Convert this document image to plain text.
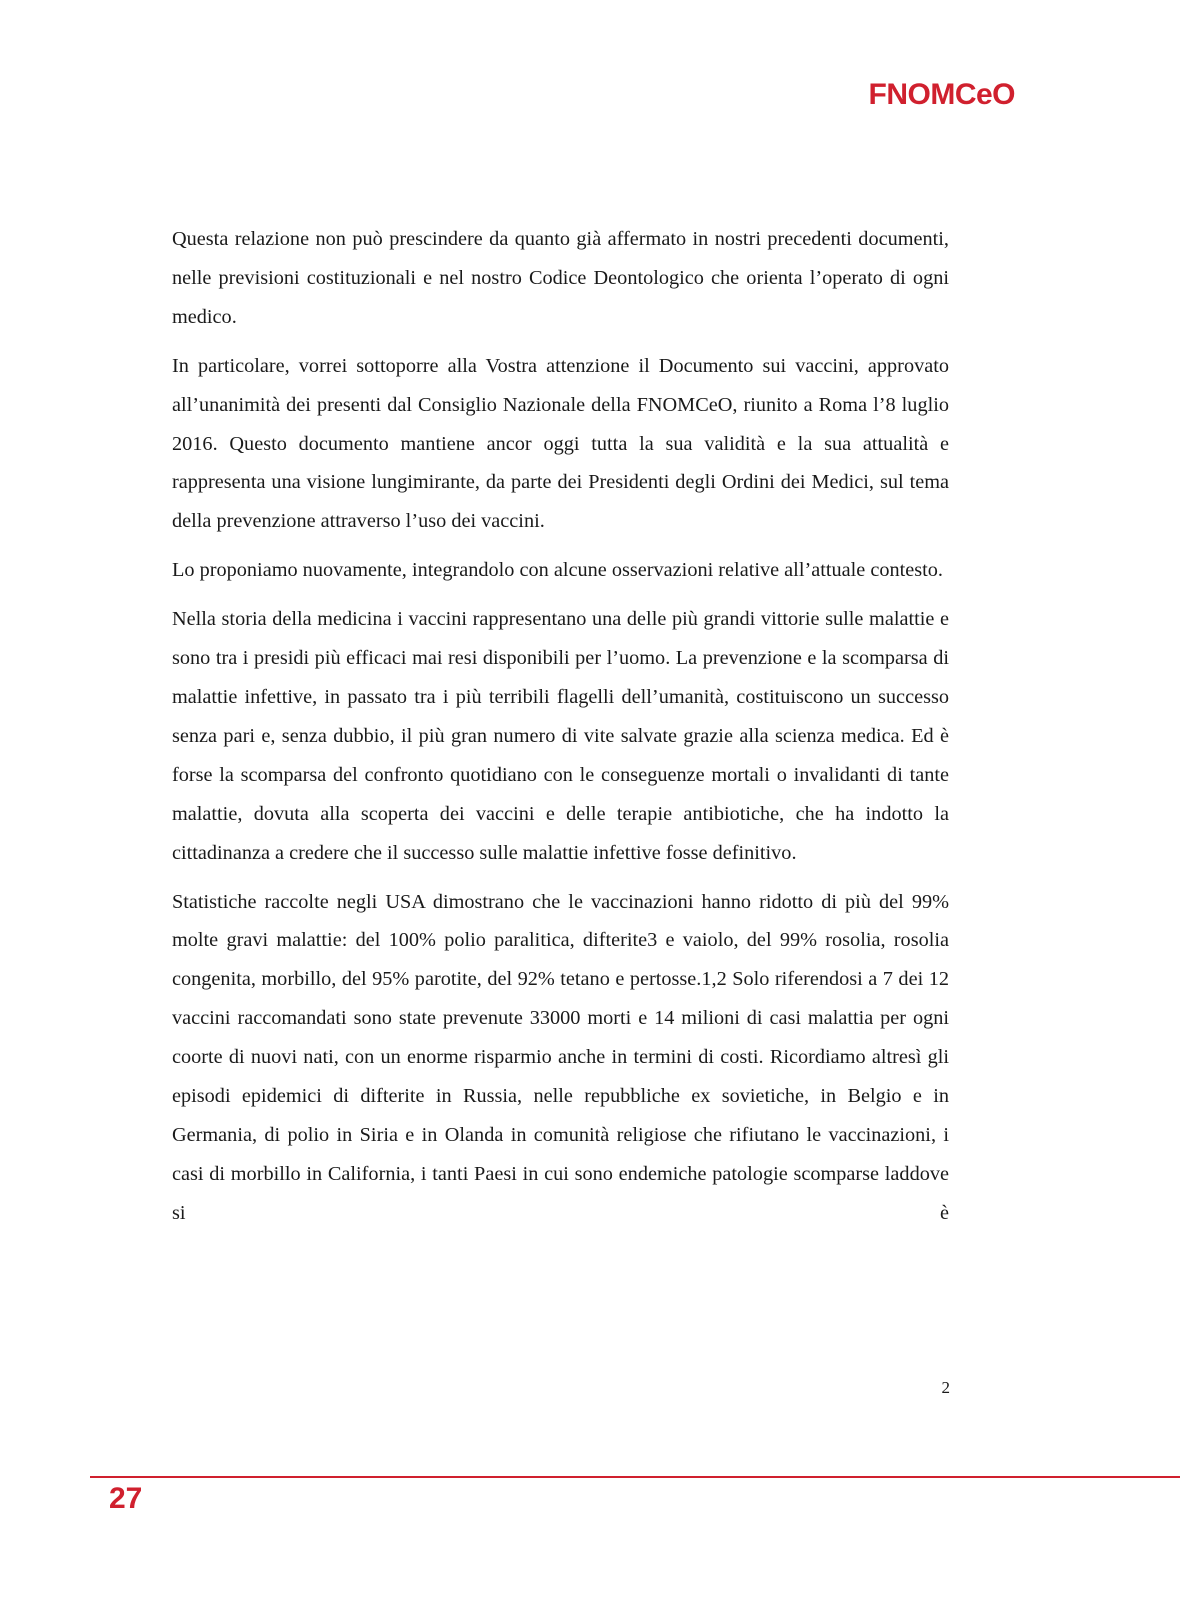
FNOMCeO

Questa relazione non può prescindere da quanto già affermato in nostri precedenti documenti, nelle previsioni costituzionali e nel nostro Codice Deontologico che orienta l’operato di ogni medico.

In particolare, vorrei sottoporre alla Vostra attenzione il Documento sui vaccini, approvato all’unanimità dei presenti dal Consiglio Nazionale della FNOMCeO, riunito a Roma l’8 luglio 2016. Questo documento mantiene ancor oggi tutta la sua validità e la sua attualità e rappresenta una visione lungimirante, da parte dei Presidenti degli Ordini dei Medici, sul tema della prevenzione attraverso l’uso dei vaccini.

Lo proponiamo nuovamente, integrandolo con alcune osservazioni relative all’attuale contesto.

Nella storia della medicina i vaccini rappresentano una delle più grandi vittorie sulle malattie e sono tra i presidi più efficaci mai resi disponibili per l’uomo. La prevenzione e la scomparsa di malattie infettive, in passato tra i più terribili flagelli dell’umanità, costituiscono un successo senza pari e, senza dubbio, il più gran numero di vite salvate grazie alla scienza medica. Ed è forse la scomparsa del confronto quotidiano con le conseguenze mortali o invalidanti di tante malattie, dovuta alla scoperta dei vaccini e delle terapie antibiotiche, che ha indotto la cittadinanza a credere che il successo sulle malattie infettive fosse definitivo.

Statistiche raccolte negli USA dimostrano che le vaccinazioni hanno ridotto di più del 99% molte gravi malattie: del 100% polio paralitica, difterite3 e vaiolo, del 99% rosolia, rosolia congenita, morbillo, del 95% parotite, del 92% tetano e pertosse.1,2 Solo riferendosi a 7 dei 12 vaccini raccomandati sono state prevenute 33000 morti e 14 milioni di casi malattia per ogni coorte di nuovi nati, con un enorme risparmio anche in termini di costi. Ricordiamo altresì gli episodi epidemici di difterite in Russia, nelle repubbliche ex sovietiche, in Belgio e in Germania, di polio in Siria e in Olanda in comunità religiose che rifiutano le vaccinazioni, i casi di morbillo in California, i tanti Paesi in cui sono endemiche patologie scomparse laddove si è

2
27
